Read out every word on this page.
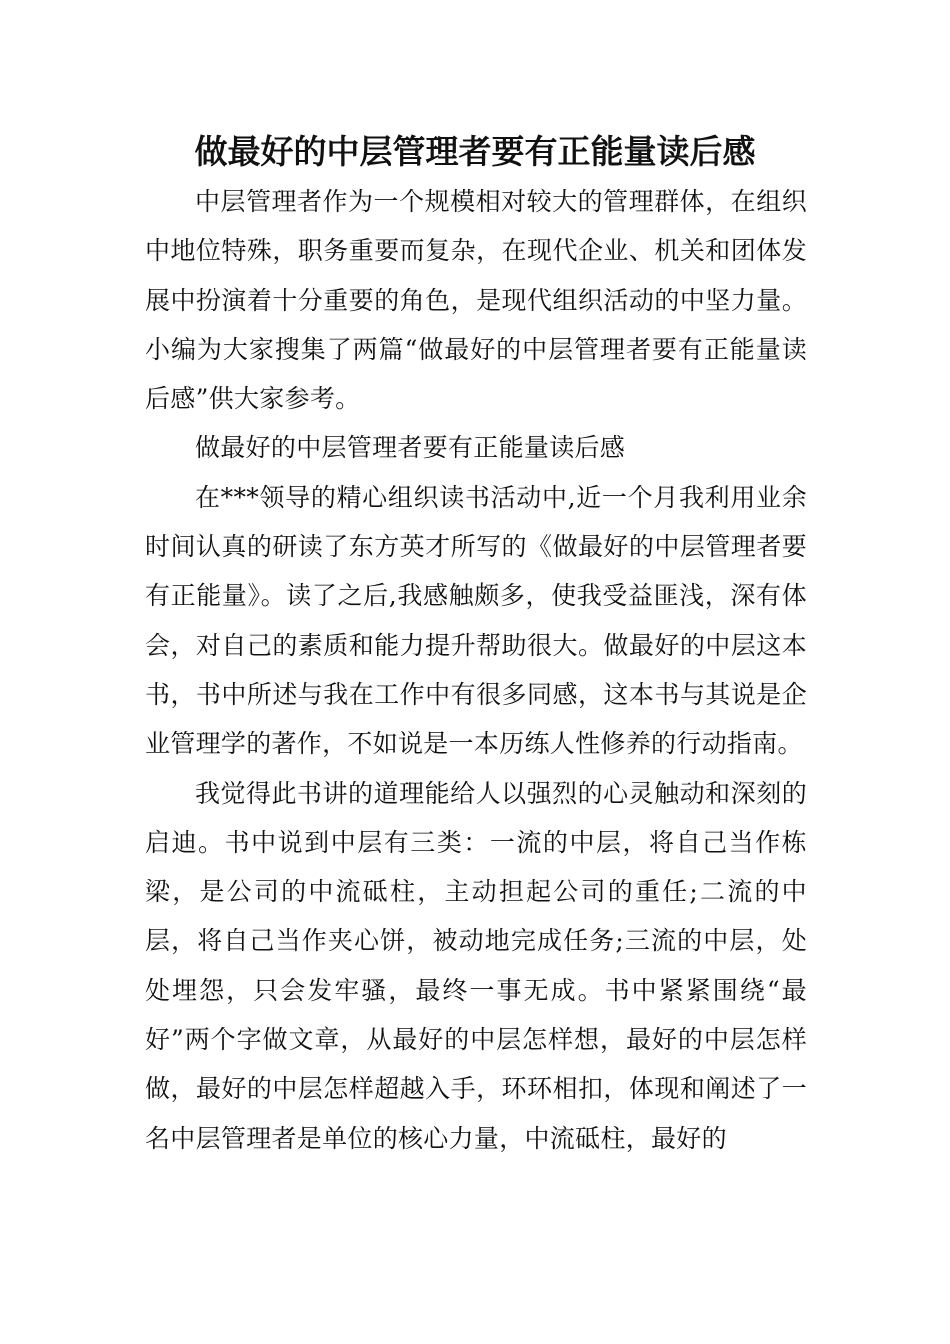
做最好的中层管理者要有正能量读后感

中层管理者作为一个规模相对较大的管理群体，在组织中地位特殊，职务重要而复杂，在现代企业、机关和团体发展中扮演着十分重要的角色，是现代组织活动的中坚力量。小编为大家搜集了两篇“做最好的中层管理者要有正能量读后感”供大家参考。

做最好的中层管理者要有正能量读后感

在***领导的精心组织读书活动中,近一个月我利用业余时间认真的研读了东方英才所写的《做最好的中层管理者要有正能量》。读了之后,我感触颇多，使我受益匪浅，深有体会，对自己的素质和能力提升帮助很大。做最好的中层这本书，书中所述与我在工作中有很多同感，这本书与其说是企业管理学的著作，不如说是一本历练人性修养的行动指南。

我觉得此书讲的道理能给人以强烈的心灵触动和深刻的启迪。书中说到中层有三类：一流的中层，将自己当作栋梁，是公司的中流砥柱，主动担起公司的重任;二流的中层，将自己当作夹心饼，被动地完成任务;三流的中层，处处埋怨，只会发牢骚，最终一事无成。书中紧紧围绕“最好”两个字做文章，从最好的中层怎样想，最好的中层怎样做，最好的中层怎样超越入手，环环相扣，体现和阐述了一名中层管理者是单位的核心力量，中流砥柱，最好的
